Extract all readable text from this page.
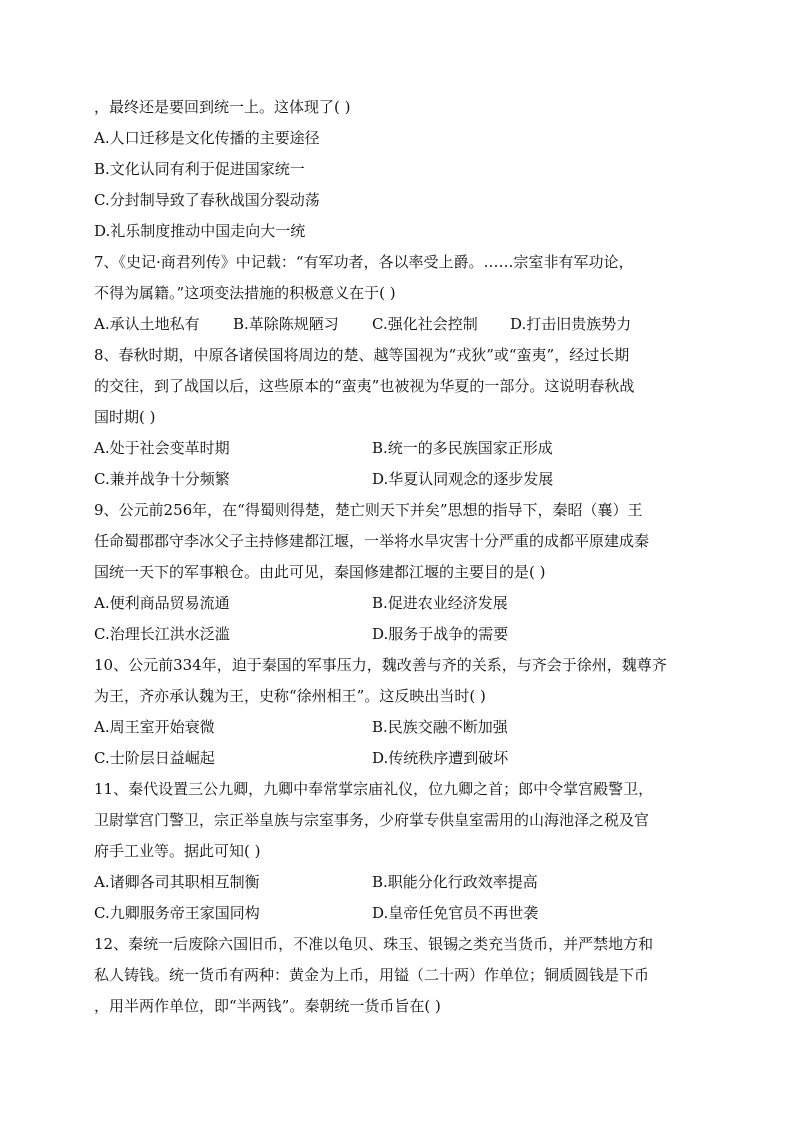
，最终还是要回到统一上。这体现了( )
A.人口迁移是文化传播的主要途径
B.文化认同有利于促进国家统一
C.分封制导致了春秋战国分裂动荡
D.礼乐制度推动中国走向大一统
7、《史记·商君列传》中记载：“有军功者，各以率受上爵。……宗室非有军功论，
不得为属籍。”这项变法措施的积极意义在于( )
A.承认土地私有	B.革除陈规陋习	C.强化社会控制	D.打击旧贵族势力
8、春秋时期，中原各诸侯国将周边的楚、越等国视为“戎狄”或“蛮夷”，经过长期
的交往，到了战国以后，这些原本的“蛮夷”也被视为华夏的一部分。这说明春秋战
国时期( )
A.处于社会变革时期	B.统一的多民族国家正形成
C.兼并战争十分频繁	D.华夏认同观念的逐步发展
9、公元前256年，在“得蜀则得楚，楚亡则天下并矣”思想的指导下，秦昭（襄）王
任命蜀郡郡守李冰父子主持修建都江堰，一举将水旱灾害十分严重的成都平原建成秦
国统一天下的军事粮仓。由此可见，秦国修建都江堰的主要目的是( )
A.便利商品贸易流通	B.促进农业经济发展
C.治理长江洪水泛滥	D.服务于战争的需要
10、公元前334年，迫于秦国的军事压力，魏改善与齐的关系，与齐会于徐州，魏尊齐
为王，齐亦承认魏为王，史称“徐州相王”。这反映出当时( )
A.周王室开始衰微	B.民族交融不断加强
C.士阶层日益崛起	D.传统秩序遭到破坏
11、秦代设置三公九卿，九卿中奉常掌宗庙礼仪，位九卿之首；郎中令掌宫殿警卫，
卫尉掌宫门警卫，宗正举皇族与宗室事务，少府掌专供皇室需用的山海池泽之税及官
府手工业等。据此可知( )
A.诸卿各司其职相互制衡	B.职能分化行政效率提高
C.九卿服务帝王家国同构	D.皇帝任免官员不再世袭
12、秦统一后废除六国旧币，不准以龟贝、珠玉、银锡之类充当货币，并严禁地方和
私人铸钱。统一货币有两种：黄金为上币，用镒（二十两）作单位；铜质圆钱是下币
，用半两作单位，即“半两钱”。秦朝统一货币旨在( )
